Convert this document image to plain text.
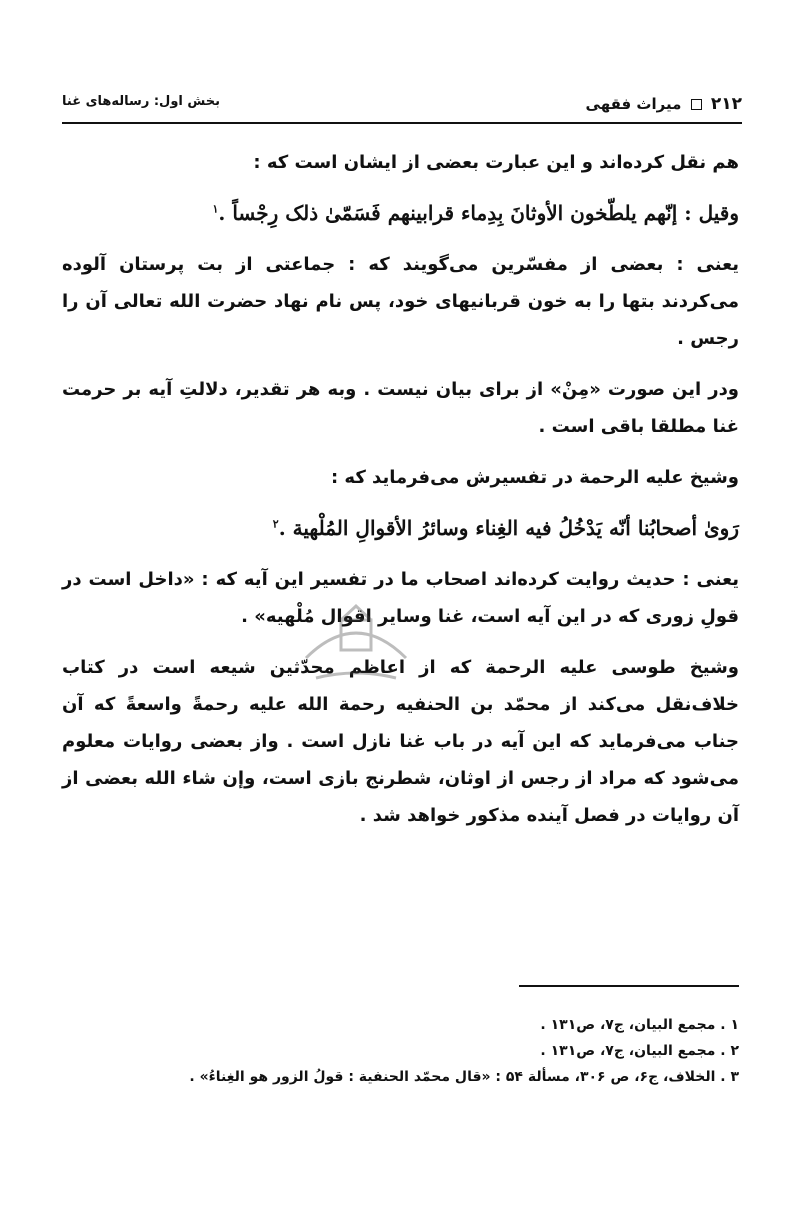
۲۱۲  میراث فقهی
بخش اول: رساله‌های غنا

هم نقل کرده‌اند و این عبارت بعضی از ایشان است که :

وقیل : إنّهم یلطّخون الأوثانَ بِدِماء قرابینهم فَسَمّیٰ ذلک رِجْساً .$^۱$

یعنی : بعضی از مفسّرین می‌گویند که : جماعتی از بت پرستان آلوده می‌کردند بتها را به خون قربانیهای خود، پس نام نهاد حضرت الله تعالی آن را رجس .

ودر این صورت «مِنْ» از برای بیان نیست . وبه هر تقدیر، دلالتِ آیه بر حرمت غنا مطلقا باقی است .

وشیخ علیه الرحمة در تفسیرش می‌فرماید که :

رَویٰ أصحابُنا أنّه یَدْخُلُ فیه الغِناء وسائرُ الأقوالِ المُلْهیة .$^۲$

یعنی : حدیث روایت کرده‌اند اصحاب ما در تفسیر این آیه که : «داخل است در قولِ زوری که در این آیه است، غنا وسایر اقوال مُلْهیه» .

وشیخ طوسی علیه الرحمة که از اعاظم محدّثین شیعه است در کتاب خلاف‌نقل می‌کند از محمّد بن الحنفیه رحمة الله علیه رحمةً واسعةً که آن جناب می‌فرماید که این آیه در باب غنا نازل است . واز بعضی روایات معلوم می‌شود که مراد از رجس از اوثان، شطرنج بازی است، وإن شاء الله بعضی از آن روایات در فصل آینده مذکور خواهد شد .

۱ . مجمع البیان، ج۷، ص۱۳۱ .
۲ . مجمع البیان، ج۷، ص۱۳۱ .
۳ . الخلاف، ج۶، ص ۳۰۶، مسألة ۵۴ : «قال محمّد الحنفیة : قولُ الزور هو الغِناءُ» .
